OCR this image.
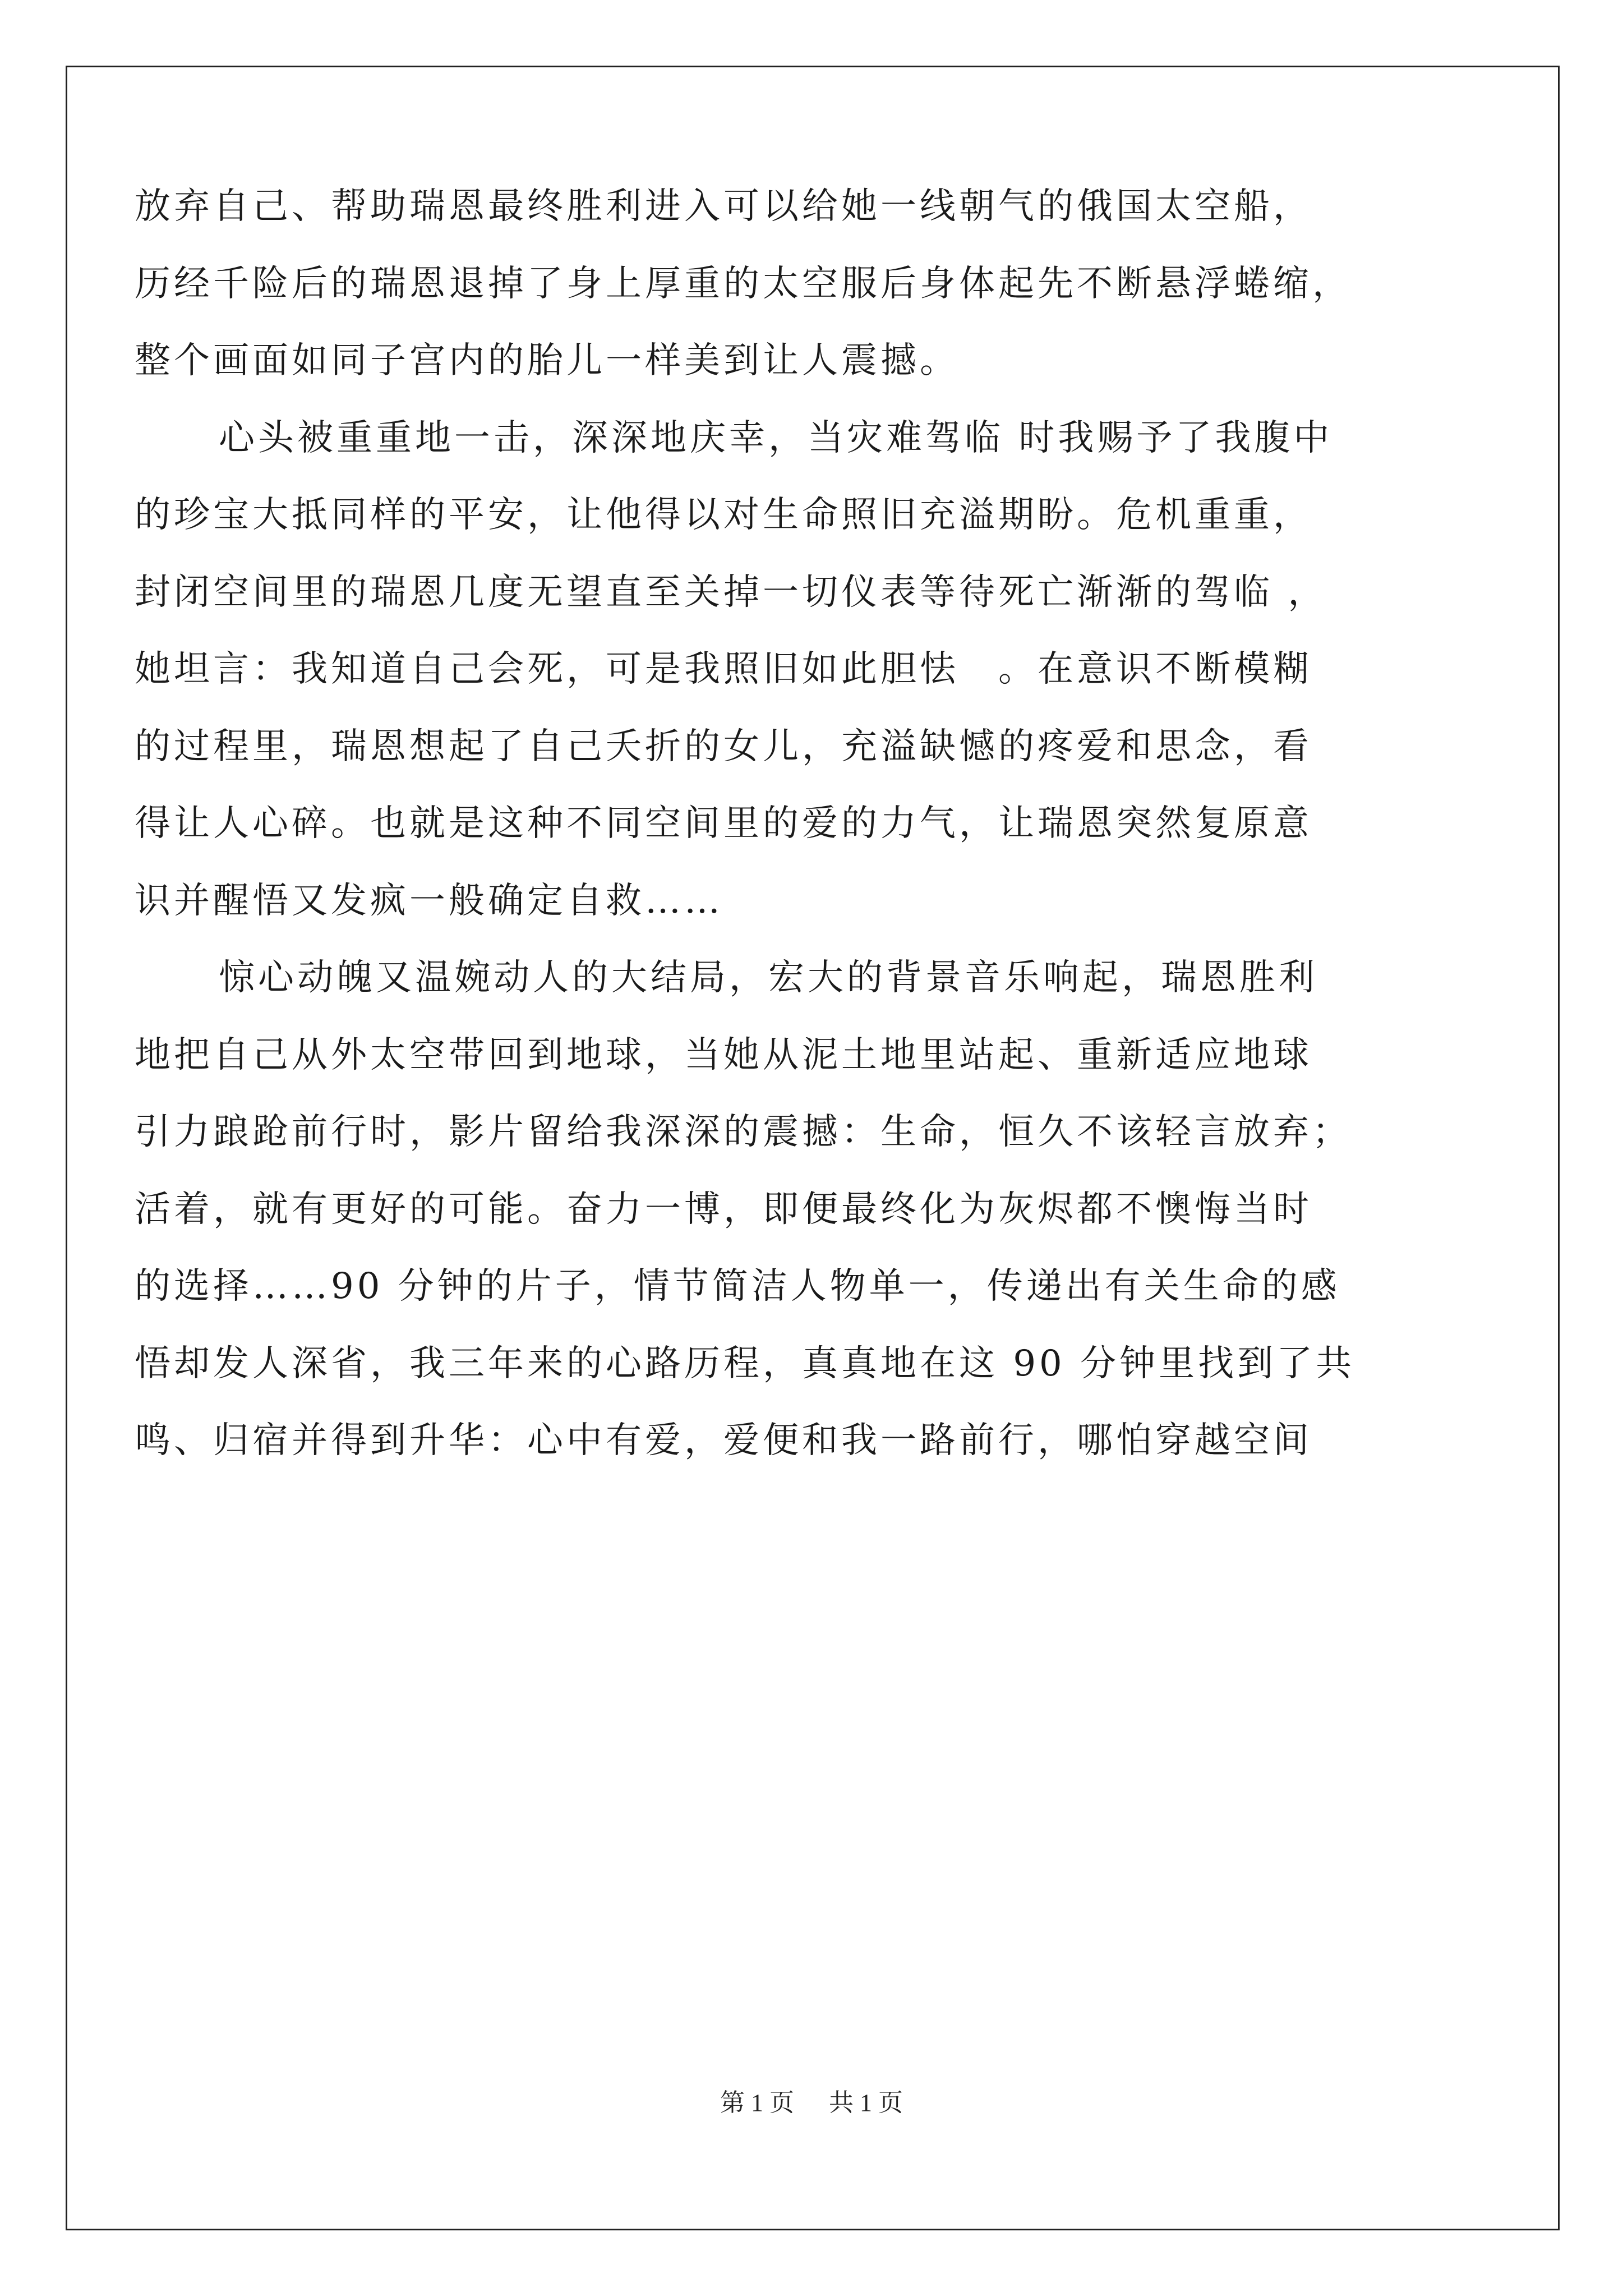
放弃自己、帮助瑞恩最终胜利进入可以给她一线朝气的俄国太空船，
历经千险后的瑞恩退掉了身上厚重的太空服后身体起先不断悬浮蜷缩，
整个画面如同子宫内的胎儿一样美到让人震撼。
心头被重重地一击，深深地庆幸，当灾难驾临 时我赐予了我腹中
的珍宝大抵同样的平安，让他得以对生命照旧充溢期盼。危机重重，
封闭空间里的瑞恩几度无望直至关掉一切仪表等待死亡渐渐的驾临 ，
她坦言：我知道自己会死，可是我照旧如此胆怯　。在意识不断模糊
的过程里，瑞恩想起了自己夭折的女儿，充溢缺憾的疼爱和思念，看
得让人心碎。也就是这种不同空间里的爱的力气，让瑞恩突然复原意
识并醒悟又发疯一般确定自救……
惊心动魄又温婉动人的大结局，宏大的背景音乐响起，瑞恩胜利
地把自己从外太空带回到地球，当她从泥土地里站起、重新适应地球
引力踉跄前行时，影片留给我深深的震撼：生命，恒久不该轻言放弃；
活着，就有更好的可能。奋力一博，即便最终化为灰烬都不懊悔当时
的选择……90 分钟的片子，情节简洁人物单一，传递出有关生命的感
悟却发人深省，我三年来的心路历程，真真地在这 90 分钟里找到了共
鸣、归宿并得到升华：心中有爱，爱便和我一路前行，哪怕穿越空间
第 1 页 共 1 页
